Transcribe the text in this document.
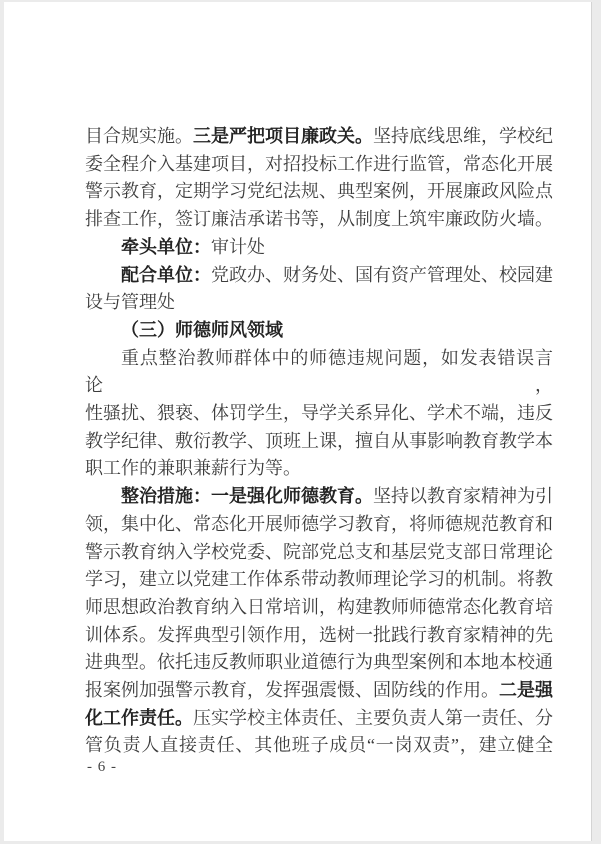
目合规实施。三是严把项目廉政关。坚持底线思维，学校纪
委全程介入基建项目，对招投标工作进行监管，常态化开展
警示教育，定期学习党纪法规、典型案例，开展廉政风险点
排查工作，签订廉洁承诺书等，从制度上筑牢廉政防火墙。
牵头单位：审计处
配合单位：党政办、财务处、国有资产管理处、校园建
设与管理处
（三）师德师风领域
重点整治教师群体中的师德违规问题，如发表错误言论，
性骚扰、猥亵、体罚学生，导学关系异化、学术不端，违反
教学纪律、敷衍教学、顶班上课，擅自从事影响教育教学本
职工作的兼职兼薪行为等。
整治措施：一是强化师德教育。坚持以教育家精神为引
领，集中化、常态化开展师德学习教育，将师德规范教育和
警示教育纳入学校党委、院部党总支和基层党支部日常理论
学习，建立以党建工作体系带动教师理论学习的机制。将教
师思想政治教育纳入日常培训，构建教师师德常态化教育培
训体系。发挥典型引领作用，选树一批践行教育家精神的先
进典型。依托违反教师职业道德行为典型案例和本地本校通
报案例加强警示教育，发挥强震慑、固防线的作用。二是强
化工作责任。压实学校主体责任、主要负责人第一责任、分
管负责人直接责任、其他班子成员“一岗双责”，建立健全
- 6 -
